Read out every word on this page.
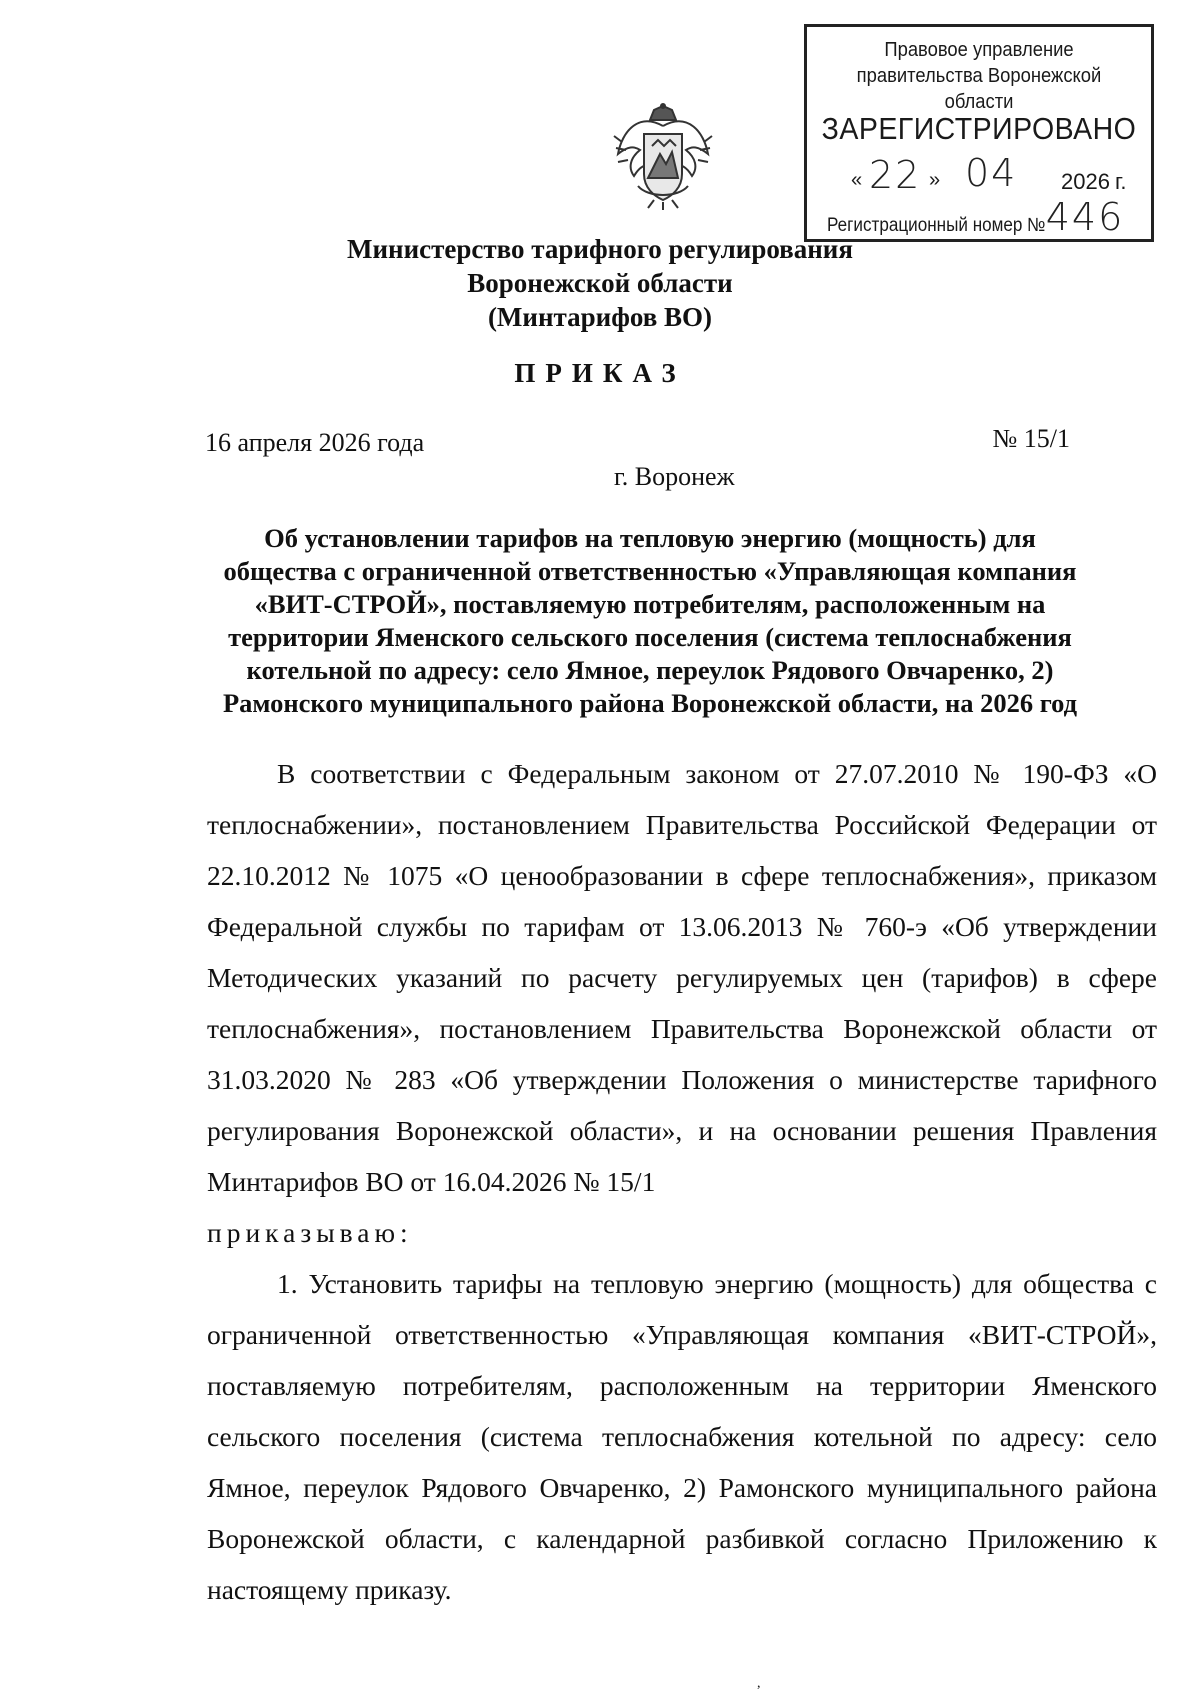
Правовое управление правительства Воронежской области
ЗАРЕГИСТРИРОВАНО
« 22 » 04 2026 г.
Регистрационный номер № 446
Министерство тарифного регулирования
Воронежской области
(Минтарифов ВО)
ПРИКАЗ
16 апреля 2026 года	№ 15/1
г. Воронеж
Об установлении тарифов на тепловую энергию (мощность) для общества с ограниченной ответственностью «Управляющая компания «ВИТ-СТРОЙ», поставляемую потребителям, расположенным на территории Яменского сельского поселения (система теплоснабжения котельной по адресу: село Ямное, переулок Рядового Овчаренко, 2) Рамонского муниципального района Воронежской области, на 2026 год

В соответствии с Федеральным законом от 27.07.2010 № 190-ФЗ «О теплоснабжении», постановлением Правительства Российской Федерации от 22.10.2012 № 1075 «О ценообразовании в сфере теплоснабжения», приказом Федеральной службы по тарифам от 13.06.2013 № 760-э «Об утверждении Методических указаний по расчету регулируемых цен (тарифов) в сфере теплоснабжения», постановлением Правительства Воронежской области от 31.03.2020 № 283 «Об утверждении Положения о министерстве тарифного регулирования Воронежской области», и на основании решения Правления Минтарифов ВО от 16.04.2026 № 15/1

приказываю:

1. Установить тарифы на тепловую энергию (мощность) для общества с ограниченной ответственностью «Управляющая компания «ВИТ-СТРОЙ», поставляемую потребителям, расположенным на территории Яменского сельского поселения (система теплоснабжения котельной по адресу: село Ямное, переулок Рядового Овчаренко, 2) Рамонского муниципального района Воронежской области, с календарной разбивкой согласно Приложению к настоящему приказу.

,
